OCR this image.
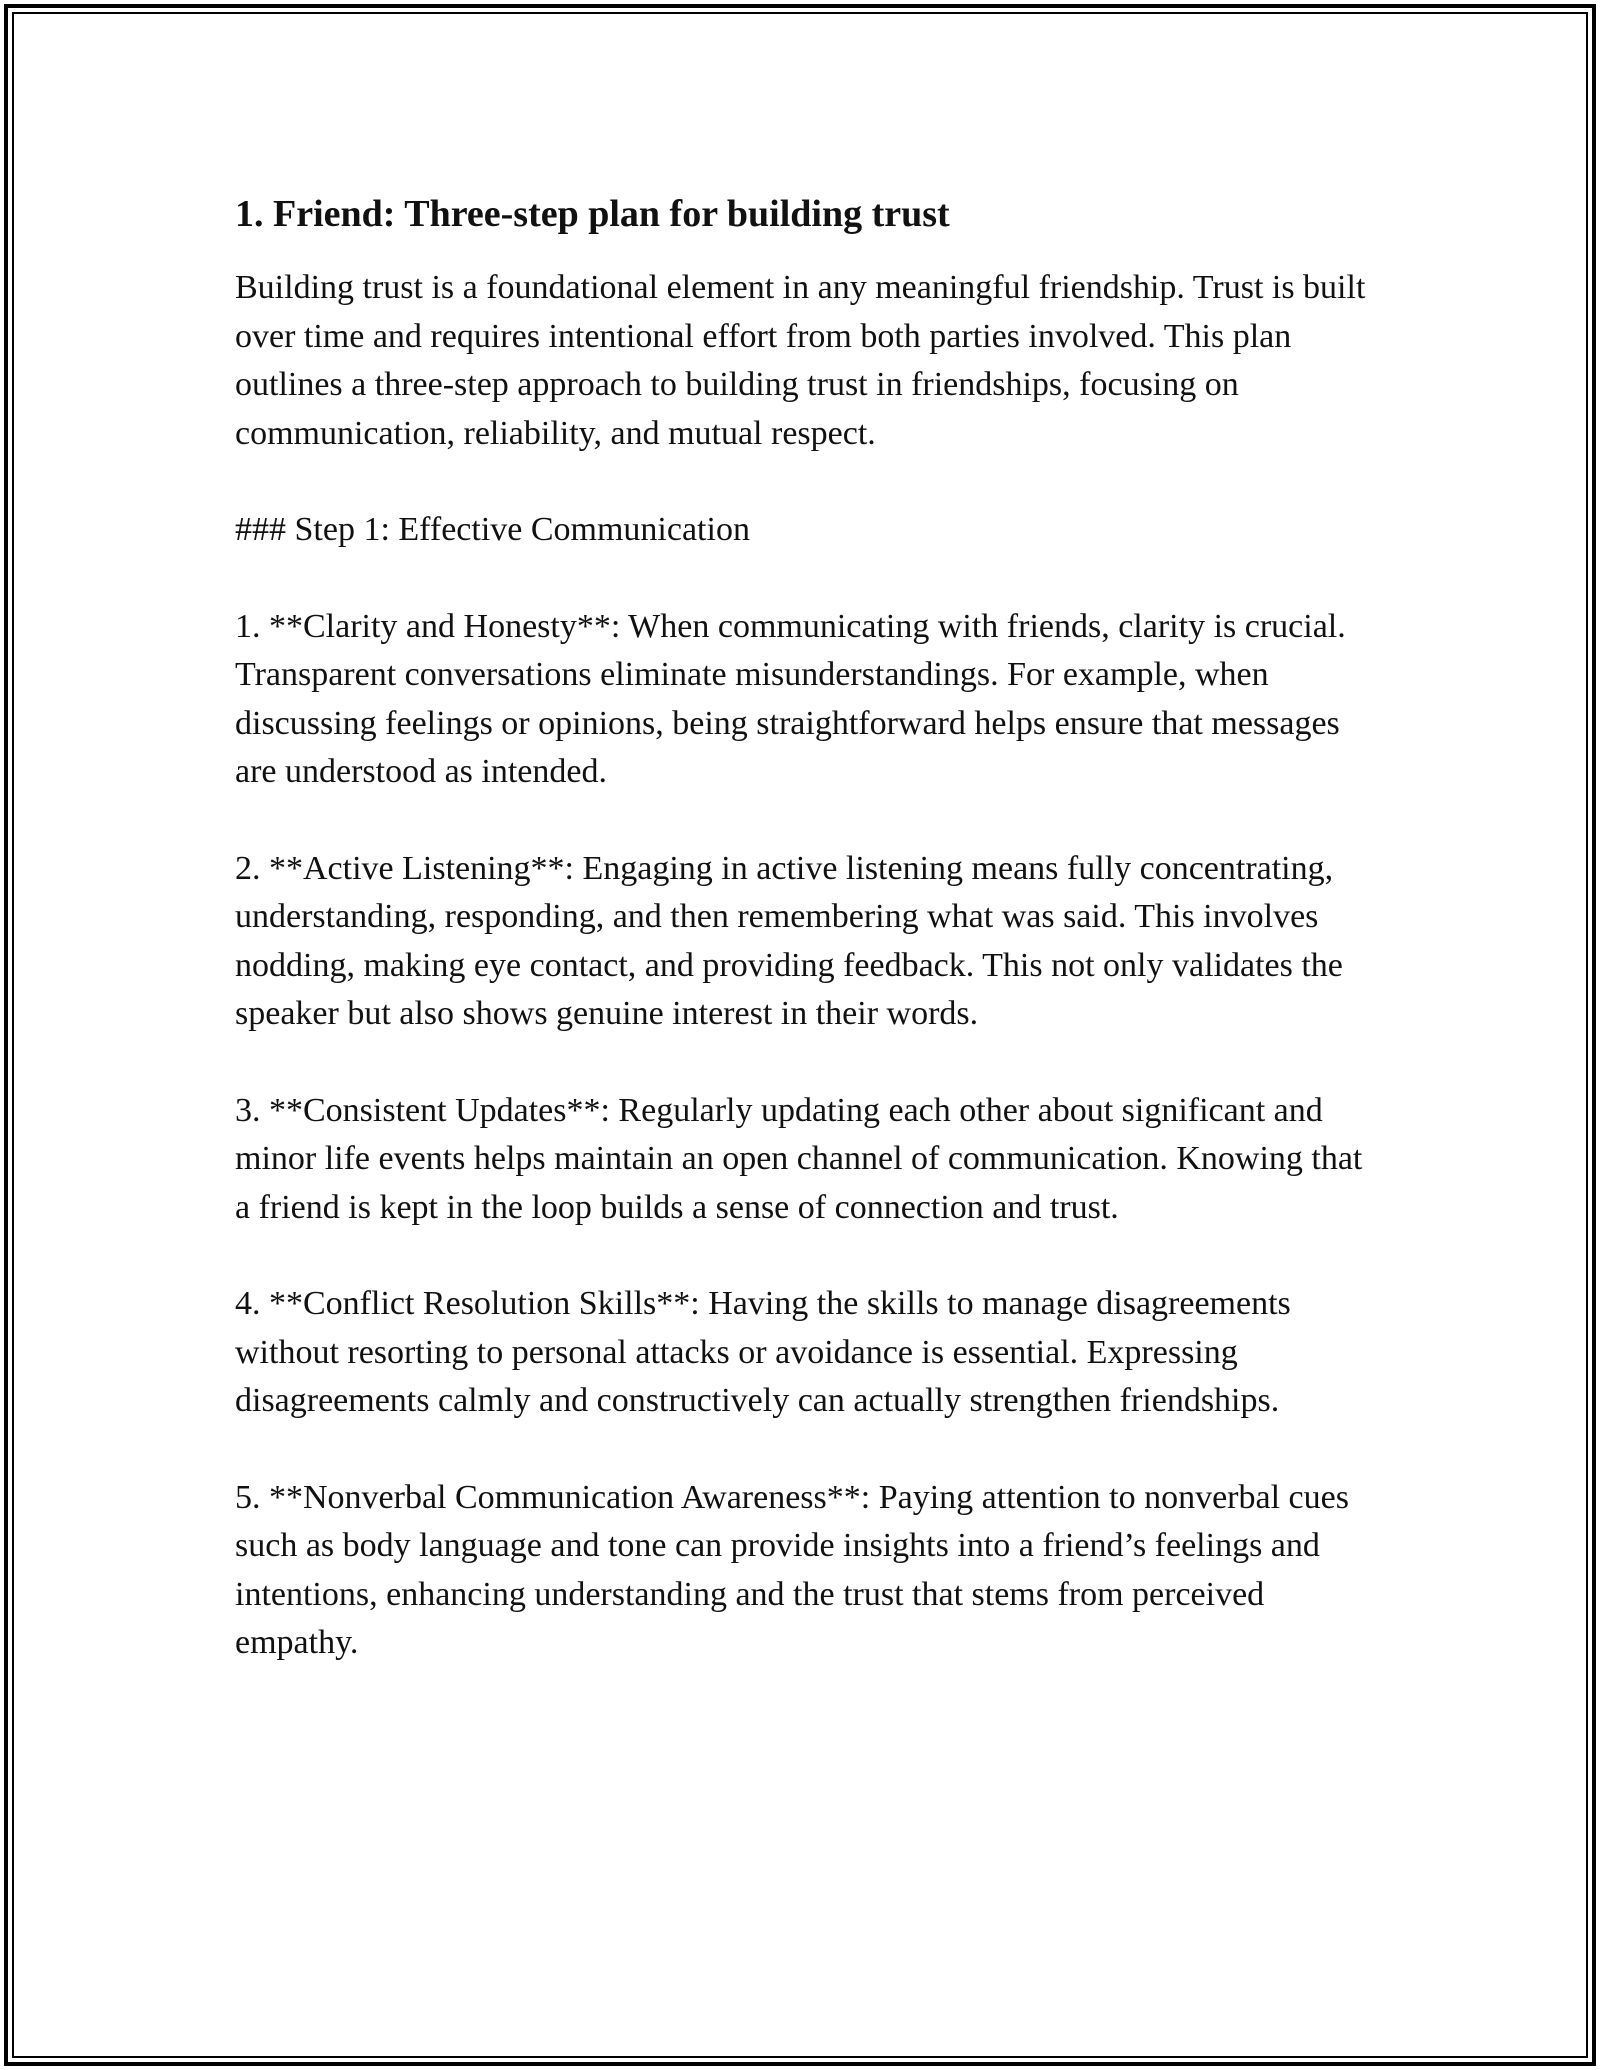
1. Friend: Three-step plan for building trust

Building trust is a foundational element in any meaningful friendship. Trust is built over time and requires intentional effort from both parties involved. This plan outlines a three-step approach to building trust in friendships, focusing on communication, reliability, and mutual respect.

### Step 1: Effective Communication

1. **Clarity and Honesty**: When communicating with friends, clarity is crucial. Transparent conversations eliminate misunderstandings. For example, when discussing feelings or opinions, being straightforward helps ensure that messages are understood as intended.

2. **Active Listening**: Engaging in active listening means fully concentrating, understanding, responding, and then remembering what was said. This involves nodding, making eye contact, and providing feedback. This not only validates the speaker but also shows genuine interest in their words.

3. **Consistent Updates**: Regularly updating each other about significant and minor life events helps maintain an open channel of communication. Knowing that a friend is kept in the loop builds a sense of connection and trust.

4. **Conflict Resolution Skills**: Having the skills to manage disagreements without resorting to personal attacks or avoidance is essential. Expressing disagreements calmly and constructively can actually strengthen friendships.

5. **Nonverbal Communication Awareness**: Paying attention to nonverbal cues such as body language and tone can provide insights into a friend’s feelings and intentions, enhancing understanding and the trust that stems from perceived empathy.
